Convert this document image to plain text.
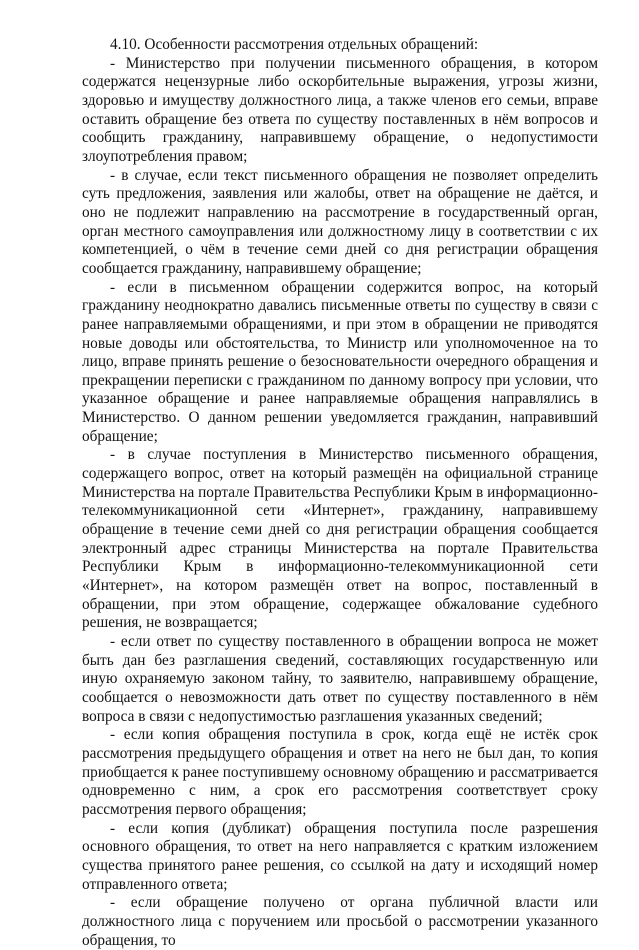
4.10. Особенности рассмотрения отдельных обращений:

- Министерство при получении письменного обращения, в котором содержатся нецензурные либо оскорбительные выражения, угрозы жизни, здоровью и имуществу должностного лица, а также членов его семьи, вправе оставить обращение без ответа по существу поставленных в нём вопросов и сообщить гражданину, направившему обращение, о недопустимости злоупотребления правом;

- в случае, если текст письменного обращения не позволяет определить суть предложения, заявления или жалобы, ответ на обращение не даётся, и оно не подлежит направлению на рассмотрение в государственный орган, орган местного самоуправления или должностному лицу в соответствии с их компетенцией, о чём в течение семи дней со дня регистрации обращения сообщается гражданину, направившему обращение;

- если в письменном обращении содержится вопрос, на который гражданину неоднократно давались письменные ответы по существу в связи с ранее направляемыми обращениями, и при этом в обращении не приводятся новые доводы или обстоятельства, то Министр или уполномоченное на то лицо, вправе принять решение о безосновательности очередного обращения и прекращении переписки с гражданином по данному вопросу при условии, что указанное обращение и ранее направляемые обращения направлялись в Министерство. О данном решении уведомляется гражданин, направивший обращение;

- в случае поступления в Министерство письменного обращения, содержащего вопрос, ответ на который размещён на официальной странице Министерства на портале Правительства Республики Крым в информационно-телекоммуникационной сети «Интернет», гражданину, направившему обращение в течение семи дней со дня регистрации обращения сообщается электронный адрес страницы Министерства на портале Правительства Республики Крым в информационно-телекоммуникационной сети «Интернет», на котором размещён ответ на вопрос, поставленный в обращении, при этом обращение, содержащее обжалование судебного решения, не возвращается;

- если ответ по существу поставленного в обращении вопроса не может быть дан без разглашения сведений, составляющих государственную или иную охраняемую законом тайну, то заявителю, направившему обращение, сообщается о невозможности дать ответ по существу поставленного в нём вопроса в связи с недопустимостью разглашения указанных сведений;

- если копия обращения поступила в срок, когда ещё не истёк срок рассмотрения предыдущего обращения и ответ на него не был дан, то копия приобщается к ранее поступившему основному обращению и рассматривается одновременно с ним, а срок его рассмотрения соответствует сроку рассмотрения первого обращения;

- если копия (дубликат) обращения поступила после разрешения основного обращения, то ответ на него направляется с кратким изложением существа принятого ранее решения, со ссылкой на дату и исходящий номер отправленного ответа;

- если обращение получено от органа публичной власти или должностного лица с поручением или просьбой о рассмотрении указанного обращения, то
